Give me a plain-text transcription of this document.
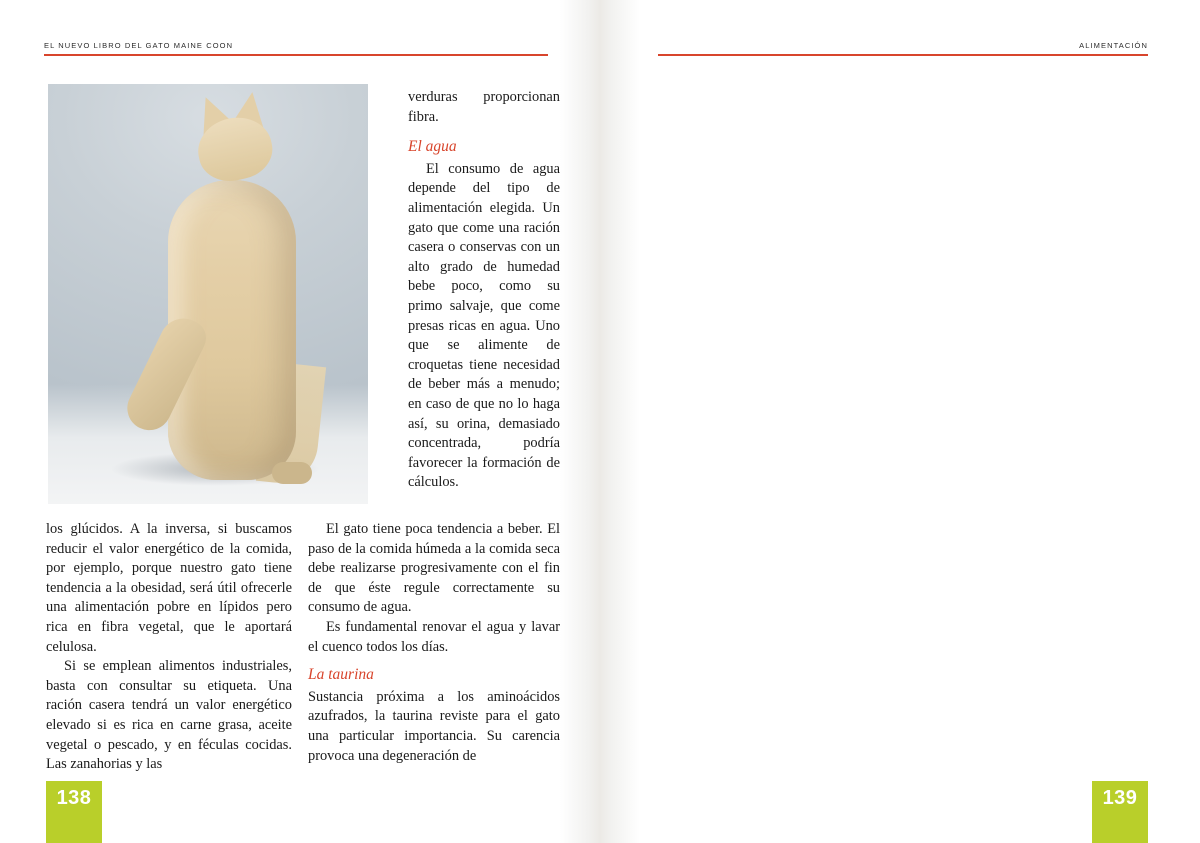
EL NUEVO LIBRO DEL GATO MAINE COON

verduras proporcionan fibra.

El agua

El consumo de agua depende del tipo de alimentación elegida. Un gato que come una ración casera o conservas con un alto grado de humedad bebe poco, como su primo salvaje, que come presas ricas en agua. Uno que se alimente de croquetas tiene necesidad de beber más a menudo; en caso de que no lo haga así, su orina, demasiado concentrada, podría favorecer la formación de cálculos.

los glúcidos. A la inversa, si buscamos reducir el valor energético de la comida, por ejemplo, porque nuestro gato tiene tendencia a la obesidad, será útil ofrecerle una alimentación pobre en lípidos pero rica en fibra vegetal, que le aportará celulosa.

Si se emplean alimentos industriales, basta con consultar su etiqueta. Una ración casera tendrá un valor energético elevado si es rica en carne grasa, aceite vegetal o pescado, y en féculas cocidas. Las zanahorias y las

El gato tiene poca tendencia a beber. El paso de la comida húmeda a la comida seca debe realizarse progresivamente con el fin de que éste regule correctamente su consumo de agua.

Es fundamental renovar el agua y lavar el cuenco todos los días.

La taurina

Sustancia próxima a los aminoácidos azufrados, la taurina reviste para el gato una particular importancia. Su carencia provoca una degeneración de

138
ALIMENTACIÓN
139
